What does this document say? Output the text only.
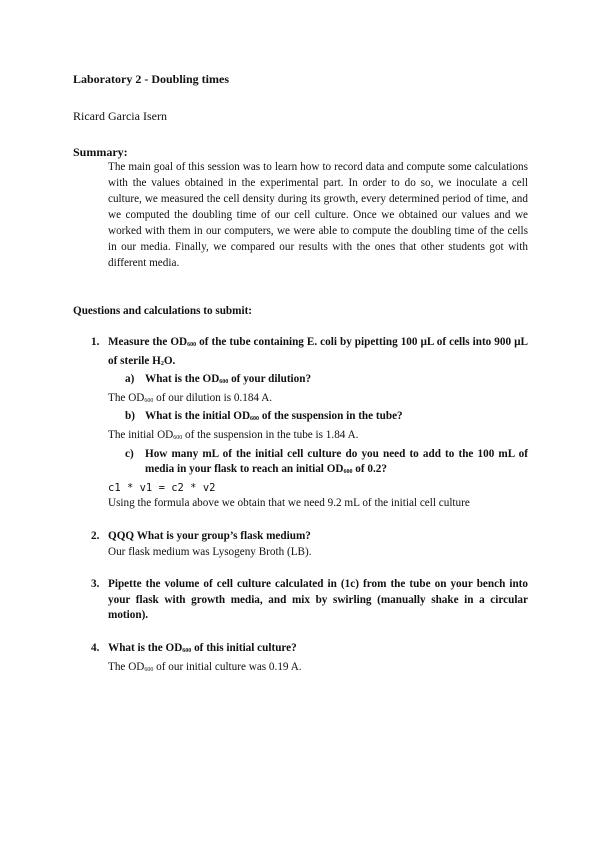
Laboratory 2 - Doubling times
Ricard Garcia Isern
Summary:
The main goal of this session was to learn how to record data and compute some calculations with the values obtained in the experimental part. In order to do so, we inoculate a cell culture, we measured the cell density during its growth, every determined period of time, and we computed the doubling time of our cell culture. Once we obtained our values and we worked with them in our computers, we were able to compute the doubling time of the cells in our media. Finally, we compared our results with the ones that other students got with different media.
Questions and calculations to submit:
1. Measure the $OD_{600}$ of the tube containing E. coli by pipetting 100 µL of cells into 900 µL of sterile $H_2O$.

a) What is the $OD_{600}$ of your dilution?

The $OD_{600}$ of our dilution is 0.184 A.

b) What is the initial $OD_{600}$ of the suspension in the tube?

The initial $OD_{600}$ of the suspension in the tube is 1.84 A.

c) How many mL of the initial cell culture do you need to add to the 100 mL of media in your flask to reach an initial $OD_{600}$ of 0.2?

c1 * v1 = c2 * v2

Using the formula above we obtain that we need 9.2 mL of the initial cell culture

2. QQQ What is your group’s flask medium?

Our flask medium was Lysogeny Broth (LB).

3. Pipette the volume of cell culture calculated in (1c) from the tube on your bench into your flask with growth media, and mix by swirling (manually shake in a circular motion).

4. What is the $OD_{600}$ of this initial culture?

The $OD_{600}$ of our initial culture was 0.19 A.
